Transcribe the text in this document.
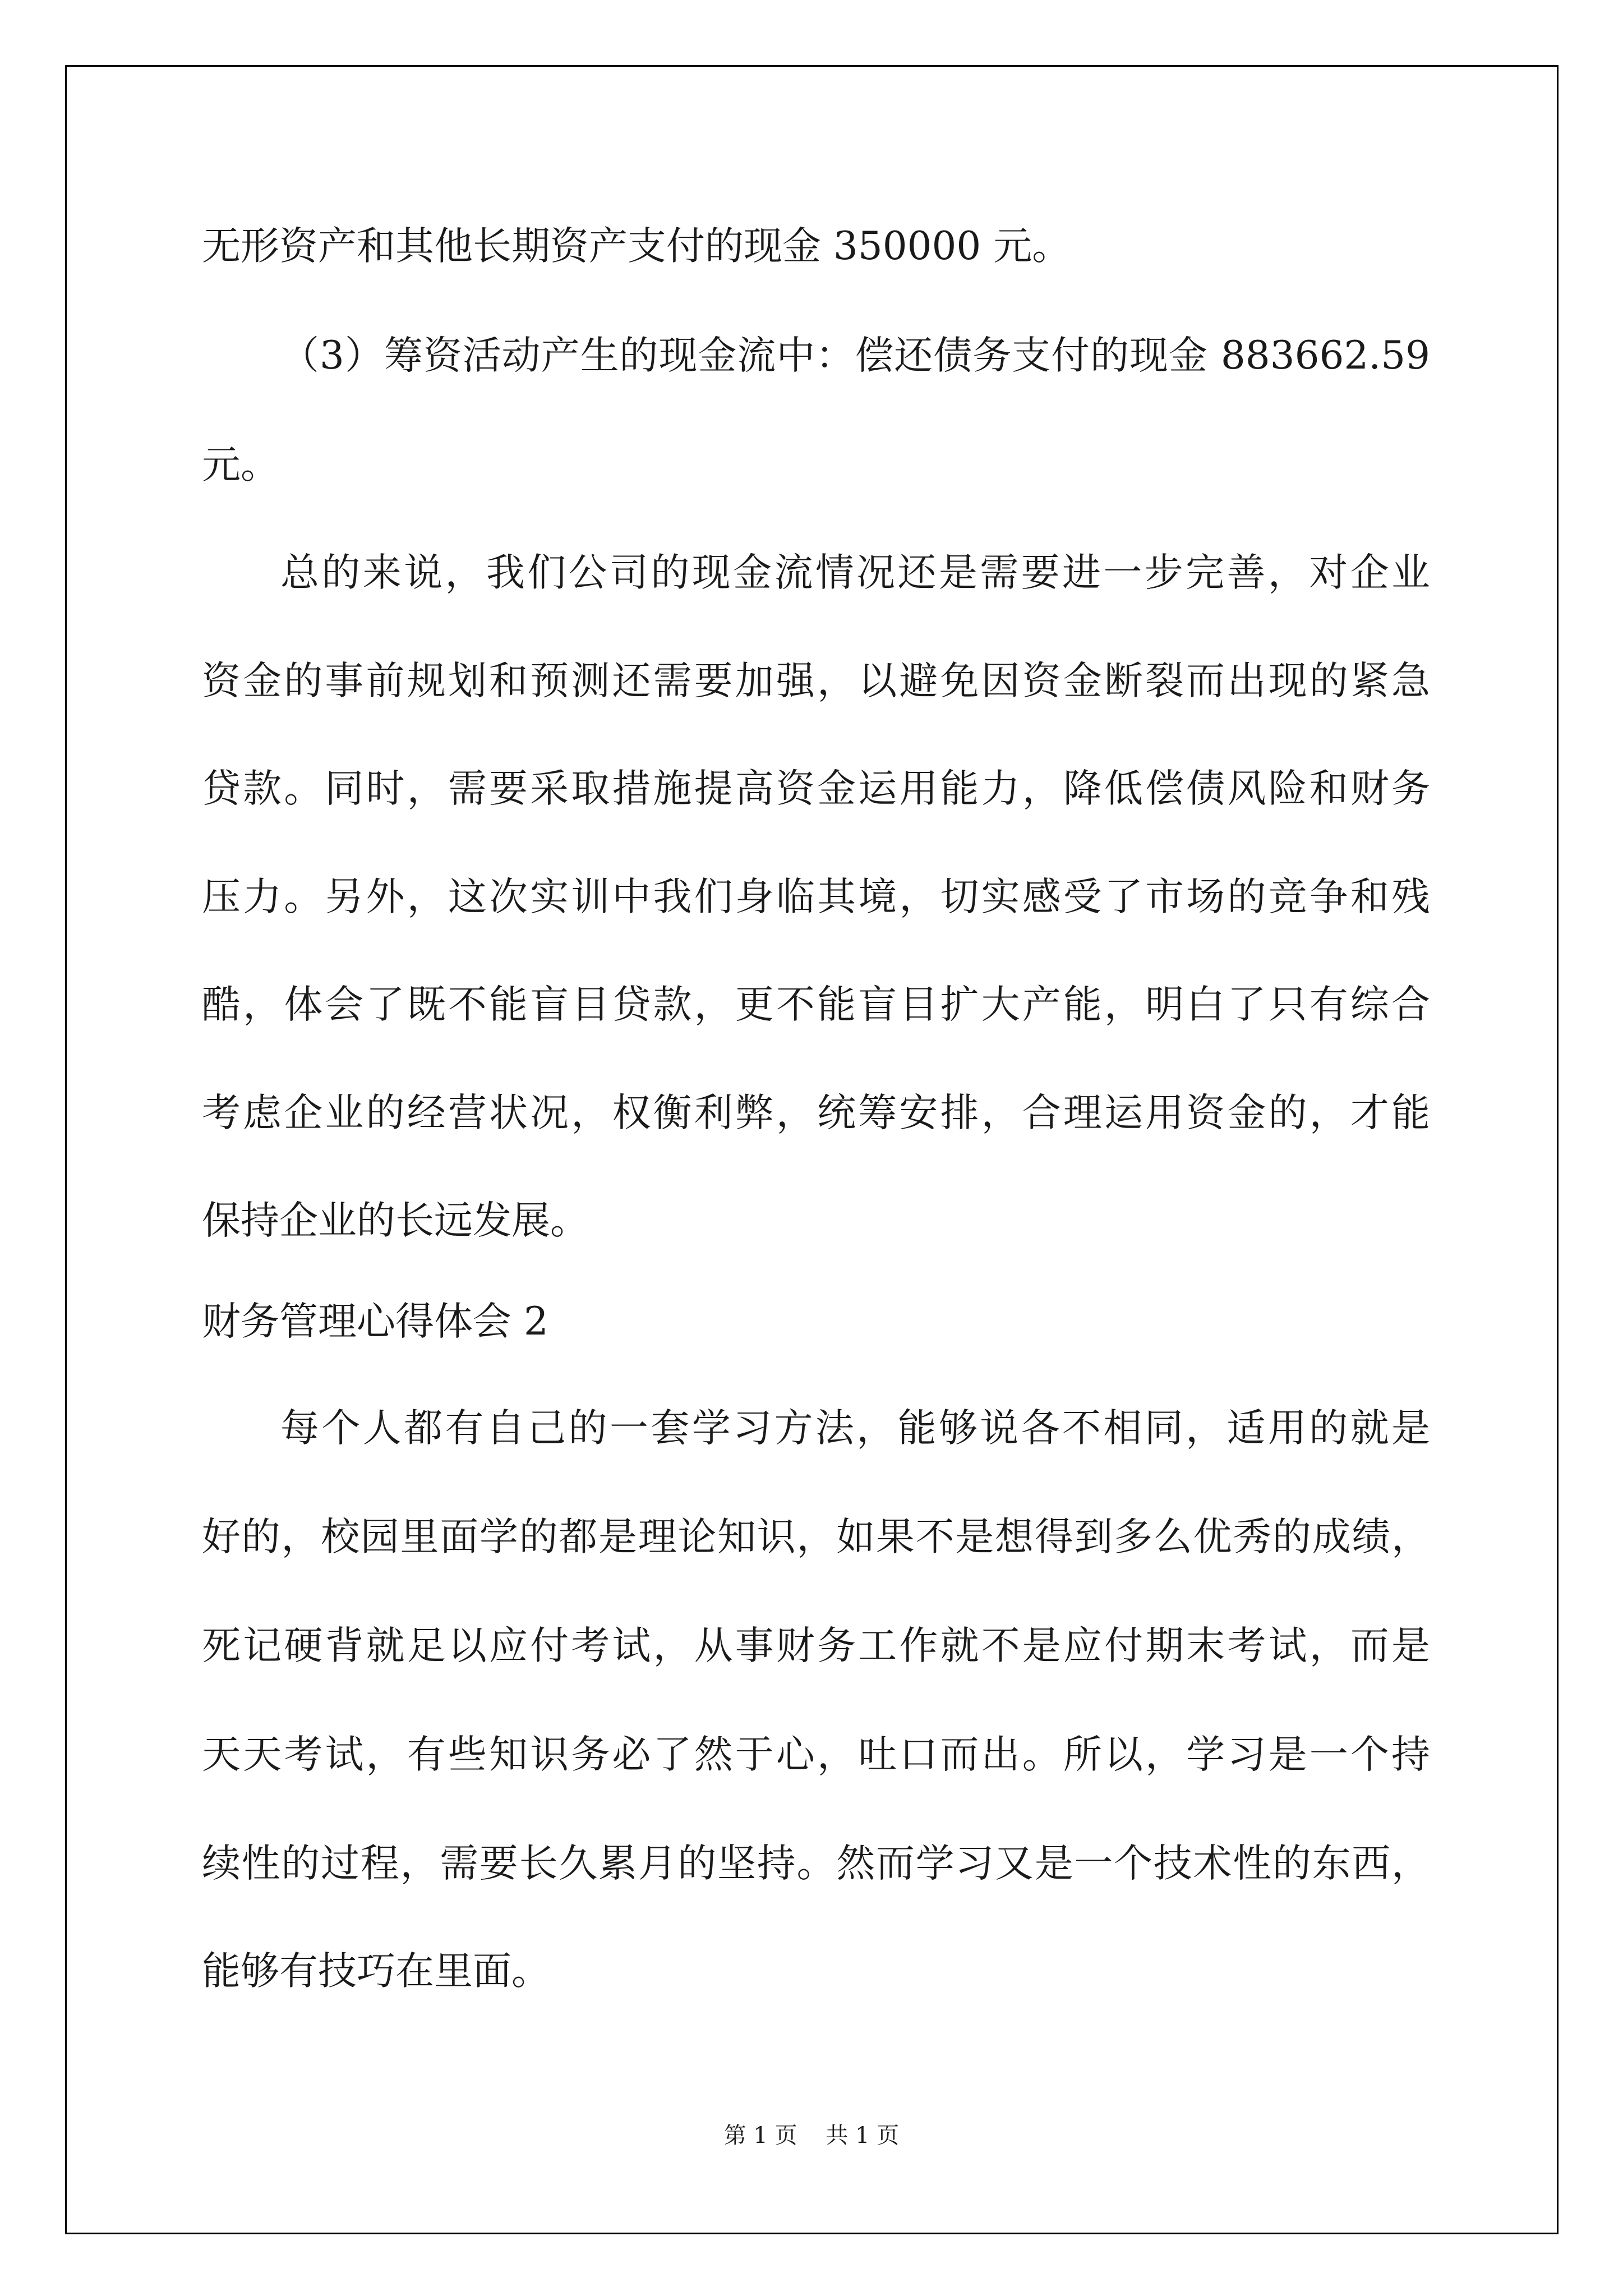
无形资产和其他长期资产支付的现金 350000 元。

（3）筹资活动产生的现金流中：偿还债务支付的现金 883662.59

元。

总的来说，我们公司的现金流情况还是需要进一步完善，对企业

资金的事前规划和预测还需要加强，以避免因资金断裂而出现的紧急

贷款。同时，需要采取措施提高资金运用能力，降低偿债风险和财务

压力。另外，这次实训中我们身临其境，切实感受了市场的竞争和残

酷，体会了既不能盲目贷款，更不能盲目扩大产能，明白了只有综合

考虑企业的经营状况，权衡利弊，统筹安排，合理运用资金的，才能

保持企业的长远发展。

财务管理心得体会 2

每个人都有自己的一套学习方法，能够说各不相同，适用的就是

好的，校园里面学的都是理论知识，如果不是想得到多么优秀的成绩，

死记硬背就足以应付考试，从事财务工作就不是应付期末考试，而是

天天考试，有些知识务必了然于心，吐口而出。所以，学习是一个持

续性的过程，需要长久累月的坚持。然而学习又是一个技术性的东西，

能够有技巧在里面。

第 1 页    共 1 页
